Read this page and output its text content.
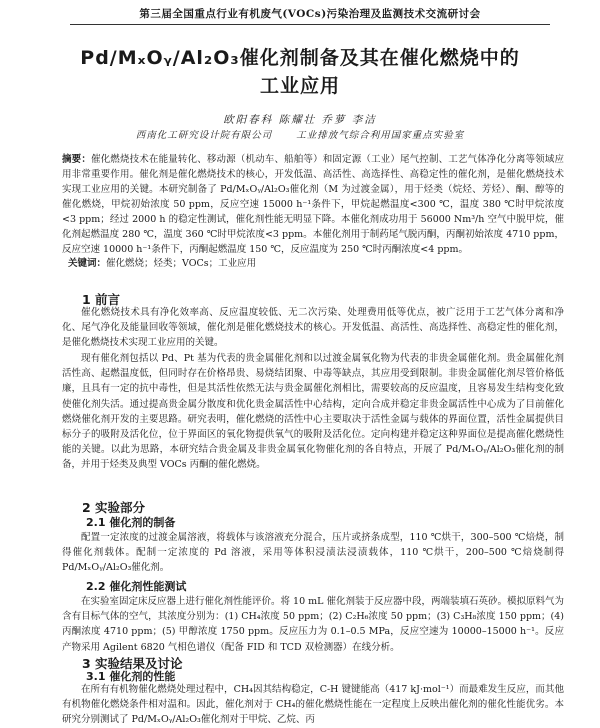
第三届全国重点行业有机废气(VOCs)污染治理及监测技术交流研讨会
Pd/MₓOᵧ/Al₂O₃催化剂制备及其在催化燃烧中的
工业应用
欧阳春科 陈耀壮 乔萝 李洁
西南化工研究设计院有限公司	工业排放气综合利用国家重点实验室
摘要：催化燃烧技术在能量转化、移动源（机动车、船舶等）和固定源（工业）尾气控制、工艺气体净化分离等领域应用非常重要作用。催化剂是催化燃烧技术的核心，开发低温、高活性、高选择性、高稳定性的催化剂，是催化燃烧技术实现工业应用的关键。本研究制备了 Pd/MₓOᵧ/Al₂O₃催化剂（M 为过渡金属），用于烃类（烷烃、芳烃）、酮、醇等的催化燃烧，甲烷初始浓度 50 ppm，反应空速 15000 h⁻¹条件下，甲烷起燃温度<300 ℃，温度 380 ℃时甲烷浓度<3 ppm；经过 2000 h 的稳定性测试，催化剂性能无明显下降。本催化剂成功用于 56000 Nm³/h 空气中脱甲烷，催化剂起燃温度 280 ℃，温度 360 ℃时甲烷浓度<3 ppm。本催化剂用于制药尾气脱丙酮，丙酮初始浓度 4710 ppm，反应空速 10000 h⁻¹条件下，丙酮起燃温度 150 ℃，反应温度为 250 ℃时丙酮浓度<4 ppm。
关键词：催化燃烧；烃类；VOCs；工业应用
1 前言
催化燃烧技术具有净化效率高、反应温度较低、无二次污染、处理费用低等优点，被广泛用于工艺气体分离和净化、尾气净化及能量回收等领域，催化剂是催化燃烧技术的核心。开发低温、高活性、高选择性、高稳定性的催化剂，是催化燃烧技术实现工业应用的关键。
现有催化剂包括以 Pd、Pt 基为代表的贵金属催化剂和以过渡金属氧化物为代表的非贵金属催化剂。贵金属催化剂活性高、起燃温度低，但同时存在价格昂贵、易烧结团聚、中毒等缺点，其应用受到限制。非贵金属催化剂尽管价格低廉，且具有一定的抗中毒性，但是其活性依然无法与贵金属催化剂相比，需要较高的反应温度，且容易发生结构变化致使催化剂失活。通过提高贵金属分散度和优化贵金属活性中心结构，定向合成并稳定非贵金属活性中心成为了目前催化燃烧催化剂开发的主要思路。研究表明，催化燃烧的活性中心主要取决于活性金属与载体的界面位置，活性金属提供目标分子的吸附及活化位，位于界面区的氧化物提供氧气的吸附及活化位。定向构建并稳定这种界面位是提高催化燃烧性能的关键。以此为思路，本研究结合贵金属及非贵金属氧化物催化剂的各自特点，开展了 Pd/MₓOᵧ/Al₂O₃催化剂的制备，并用于烃类及典型 VOCs 丙酮的催化燃烧。
2 实验部分
2.1 催化剂的制备
配置一定浓度的过渡金属溶液，将载体与该溶液充分混合，压片或挤条成型，110 ℃烘干，300–500 ℃焙烧，制得催化剂载体。配制一定浓度的 Pd 溶液，采用等体积浸渍法浸渍载体，110 ℃烘干，200–500 ℃焙烧制得 Pd/MₓOᵧ/Al₂O₃催化剂。
2.2 催化剂性能测试
在实验室固定床反应器上进行催化剂性能评价。将 10 mL 催化剂装于反应器中段，两端装填石英砂。模拟原料气为含有目标气体的空气，其浓度分别为：(1) CH₄浓度 50 ppm；(2) C₂H₆浓度 50 ppm；(3) C₃H₈浓度 150 ppm；(4) 丙酮浓度 4710 ppm；(5) 甲醇浓度 1750 ppm。反应压力为 0.1–0.5 MPa，反应空速为 10000–15000 h⁻¹。反应产物采用 Agilent 6820 气相色谱仪（配备 FID 和 TCD 双检测器）在线分析。
3 实验结果及讨论
3.1 催化剂的性能
在所有有机物催化燃烧处理过程中，CH₄因其结构稳定，C-H 键键能高（417 kJ·mol⁻¹）而最难发生反应，而其他有机物催化燃烧条件相对温和。因此，催化剂对于 CH₄的催化燃烧性能在一定程度上反映出催化剂的催化性能优劣。本研究分别测试了 Pd/MₓOᵧ/Al₂O₃催化剂对于甲烷、乙烷、丙
